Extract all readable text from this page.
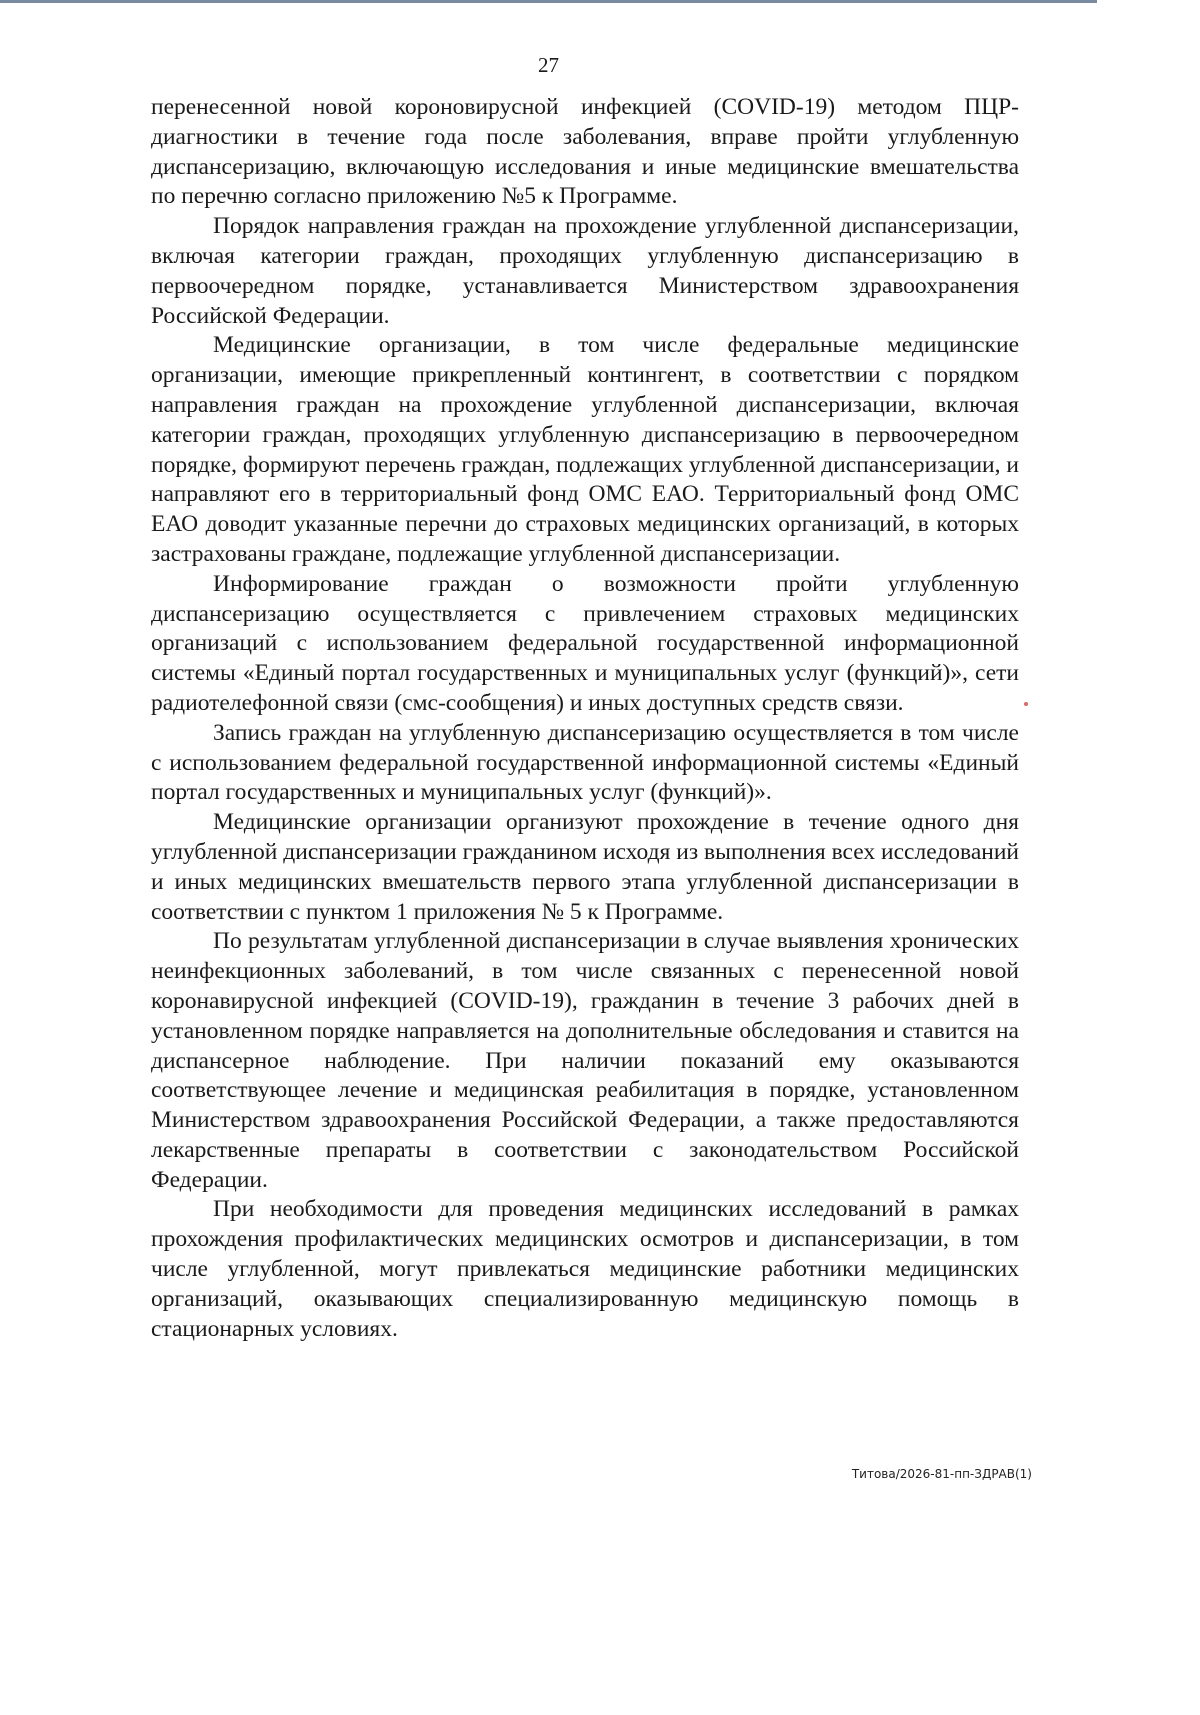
27

перенесенной новой короновирусной инфекцией (COVID-19) методом ПЦР-диагностики в течение года после заболевания, вправе пройти углубленную диспансеризацию, включающую исследования и иные медицинские вмешательства по перечню согласно приложению №5 к Программе.

Порядок направления граждан на прохождение углубленной диспансеризации, включая категории граждан, проходящих углубленную диспансеризацию в первоочередном порядке, устанавливается Министерством здравоохранения Российской Федерации.

Медицинские организации, в том числе федеральные медицинские организации, имеющие прикрепленный контингент, в соответствии с порядком направления граждан на прохождение углубленной диспансеризации, включая категории граждан, проходящих углубленную диспансеризацию в первоочередном порядке, формируют перечень граждан, подлежащих углубленной диспансеризации, и направляют его в территориальный фонд ОМС ЕАО. Территориальный фонд ОМС ЕАО доводит указанные перечни до страховых медицинских организаций, в которых застрахованы граждане, подлежащие углубленной диспансеризации.

Информирование граждан о возможности пройти углубленную диспансеризацию осуществляется с привлечением страховых медицинских организаций с использованием федеральной государственной информационной системы «Единый портал государственных и муниципальных услуг (функций)», сети радиотелефонной связи (смс-сообщения) и иных доступных средств связи.

Запись граждан на углубленную диспансеризацию осуществляется в том числе с использованием федеральной государственной информационной системы «Единый портал государственных и муниципальных услуг (функций)».

Медицинские организации организуют прохождение в течение одного дня углубленной диспансеризации гражданином исходя из выполнения всех исследований и иных медицинских вмешательств первого этапа углубленной диспансеризации в соответствии с пунктом 1 приложения № 5 к Программе.

По результатам углубленной диспансеризации в случае выявления хронических неинфекционных заболеваний, в том числе связанных с перенесенной новой коронавирусной инфекцией (COVID-19), гражданин в течение 3 рабочих дней в установленном порядке направляется на дополнительные обследования и ставится на диспансерное наблюдение. При наличии показаний ему оказываются соответствующее лечение и медицинская реабилитация в порядке, установленном Министерством здравоохранения Российской Федерации, а также предоставляются лекарственные препараты в соответствии с законодательством Российской Федерации.

При необходимости для проведения медицинских исследований в рамках прохождения профилактических медицинских осмотров и диспансеризации, в том числе углубленной, могут привлекаться медицинские работники медицинских организаций, оказывающих специализированную медицинскую помощь в стационарных условиях.

Титова/2026-81-пп-ЗДРАВ(1)
